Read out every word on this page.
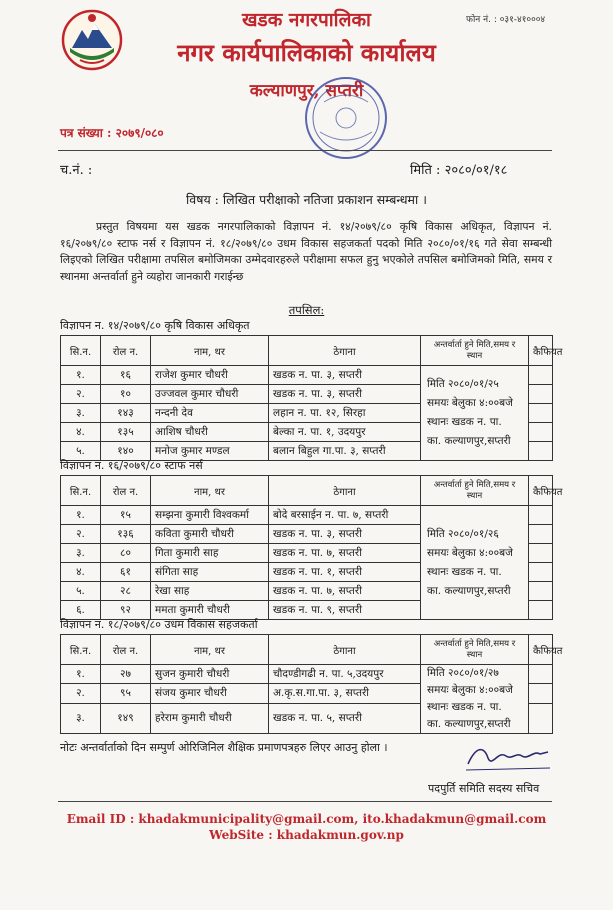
खडक नगरपालिका	फोन नं. : ०३१-४१०००४
नगर कार्यपालिकाको कार्यालय
कल्याणपुर, सप्तरी
पत्र संख्या : २०७९/०८०
च.नं. :	मिति : २०८०/०१/१८
विषय : लिखित परीक्षाको नतिजा प्रकाशन सम्बन्धमा ।
प्रस्तुत विषयमा यस खडक नगरपालिकाको विज्ञापन नं. १४/२०७९/८० कृषि विकास अधिकृत, विज्ञापन नं. १६/२०७९/८० स्टाफ नर्स र विज्ञापन नं. १८/२०७९/८० उधम विकास सहजकर्ता पदको मिति २०८०/०१/१६ गते सेवा सम्बन्धी लिइएको लिखित परीक्षामा तपसिल बमोजिमका उम्मेदवारहरुले परीक्षामा सफल हुनु भएकोले तपसिल बमोजिमको मिति, समय र स्थानमा अन्तर्वार्ता हुने व्यहोरा जानकारी गराईन्छ
तपसिल:
विज्ञापन न. १४/२०७९/८० कृषि विकास अधिकृत
सि.न.	रोल न.	नाम, थर	ठेगाना	अन्तर्वार्ता हुने मिति,समय र स्थान	कैफियत
१.	१६	राजेश कुमार चौधरी	खडक न. पा. ३, सप्तरी	मिति २०८०/०१/२५
समयः बेलुका ४:००बजे
स्थानः खडक न. पा.
का. कल्याणपुर,सप्तरी	

२.	१०	उज्जवल कुमार चौधरी	खडक न. पा. ३, सप्तरी		
३.	१४३	नन्दनी देव	लहान न. पा. १२, सिरहा		
४.	१३५	आशिष चौधरी	बेल्का न. पा. १, उदयपुर		
५.	१४०	मनोज कुमार मण्डल	बलान बिहुल गा.पा. ३, सप्तरी		
विज्ञापन न. १६/२०७९/८० स्टाफ नर्स
सि.न.	रोल न.	नाम, थर	ठेगाना	अन्तर्वार्ता हुने मिति,समय र स्थान	कैफियत
१.	१५	सम्झना कुमारी विश्वकर्मा	बोदे बरसाईन न. पा. ७, सप्तरी	मिति २०८०/०१/२६
समयः बेलुका ४:००बजे
स्थानः खडक न. पा.
का. कल्याणपुर,सप्तरी	

२.	१३६	कविता कुमारी चौधरी	खडक न. पा. ३, सप्तरी		
३.	८०	गिता कुमारी साह	खडक न. पा. ७, सप्तरी		
४.	६१	संगिता साह	खडक न. पा. १, सप्तरी		
५.	२८	रेखा साह	खडक न. पा. ७, सप्तरी		
६.	९२	ममता कुमारी चौधरी	खडक न. पा. ९, सप्तरी		
विज्ञापन न. १८/२०७९/८० उधम विकास सहजकर्ता
सि.न.	रोल न.	नाम, थर	ठेगाना	अन्तर्वार्ता हुने मिति,समय र स्थान	कैफियत
१.	२७	सुजन कुमारी चौधरी	चौदण्डीगढी न. पा. ५,उदयपुर	मिति २०८०/०१/२७
समयः बेलुका ४:००बजे
स्थानः खडक न. पा.
का. कल्याणपुर,सप्तरी	

२.	९५	संजय कुमार चौधरी	अ.कृ.स.गा.पा. ३, सप्तरी		
३.	१४९	हरेराम कुमारी चौधरी	खडक न. पा. ५, सप्तरी		
नोटः अन्तर्वार्ताको दिन सम्पुर्ण ओरिजिनिल शैक्षिक प्रमाणपत्रहरु लिएर आउनु होला ।
पदपुर्ति समिति सदस्य सचिव
Email ID : khadakmunicipality@gmail.com, ito.khadakmun@gmail.com
WebSite : khadakmun.gov.np
